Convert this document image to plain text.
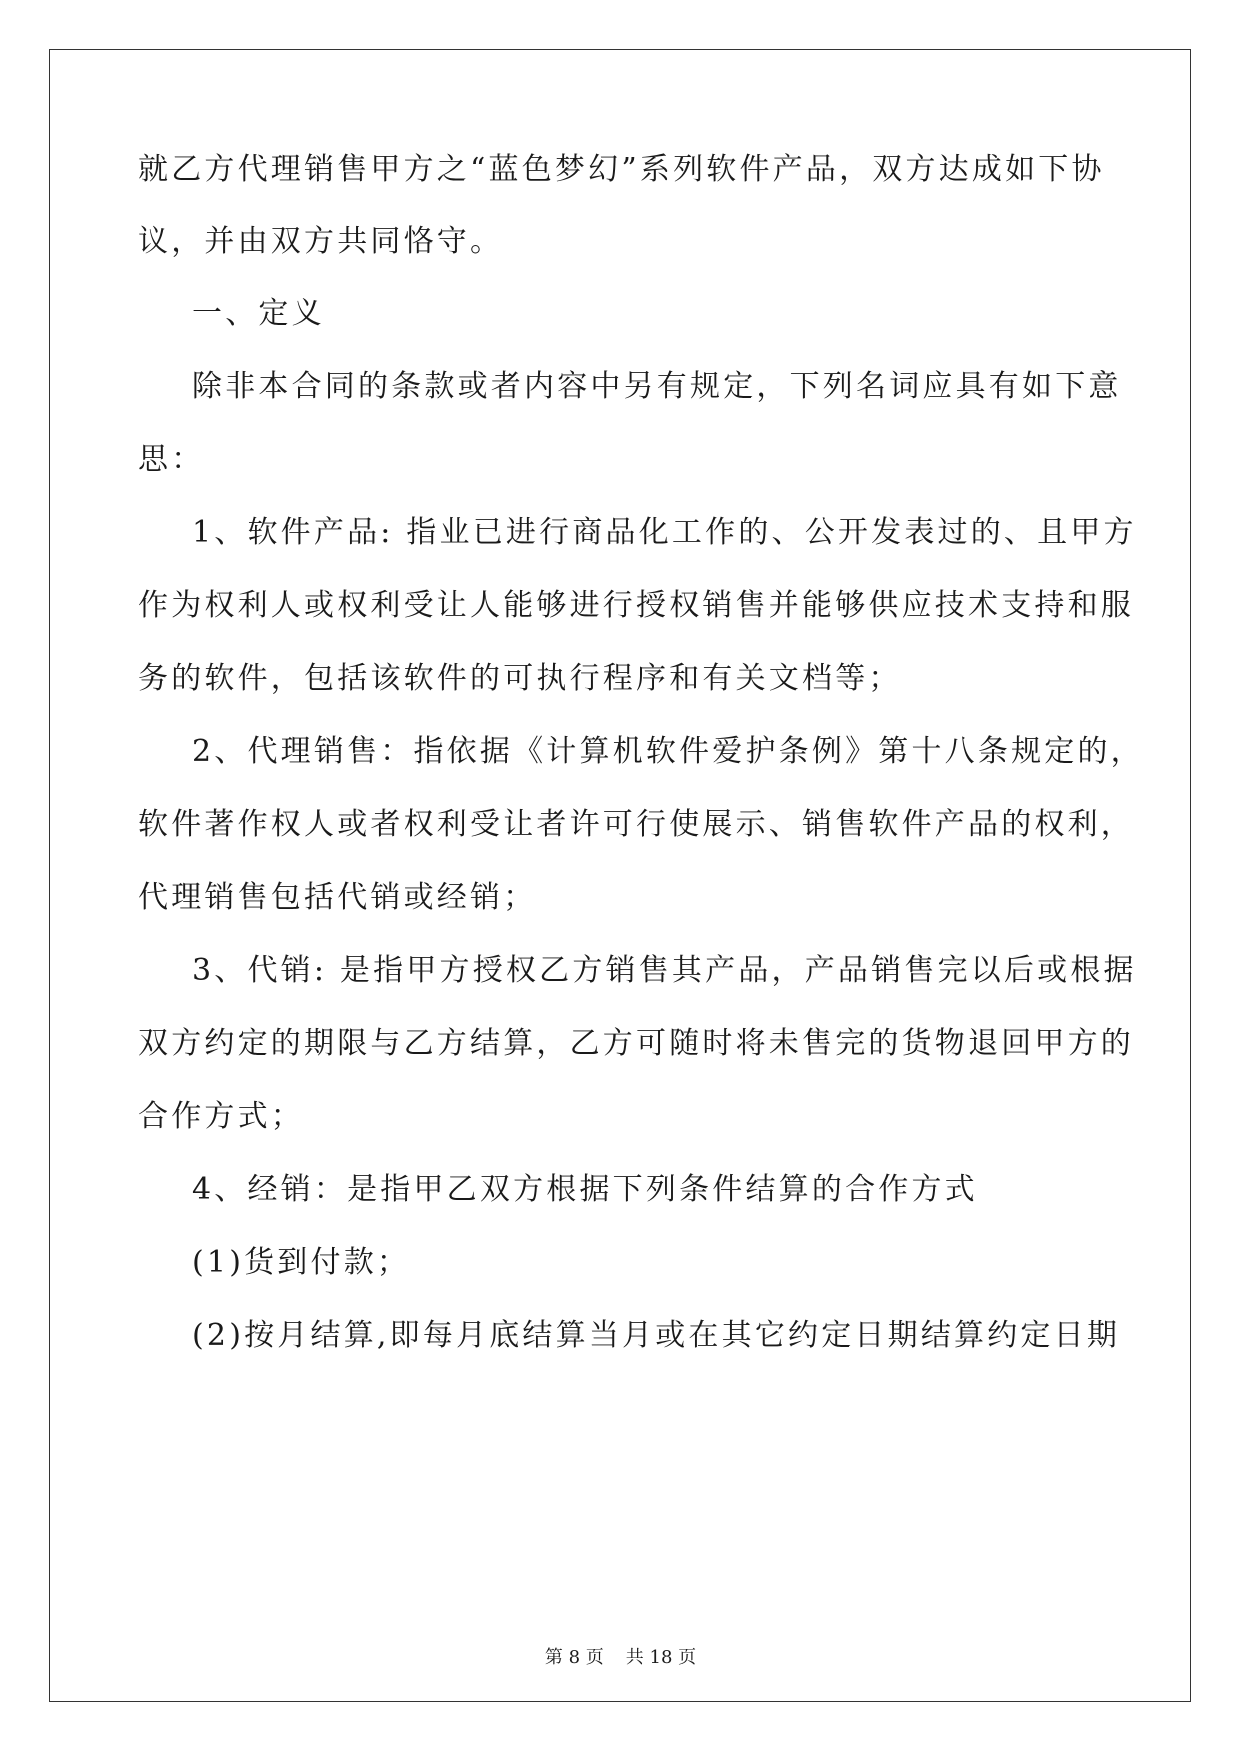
就乙方代理销售甲方之“蓝色梦幻”系列软件产品，双方达成如下协
议，并由双方共同恪守。
一、定义
除非本合同的条款或者内容中另有规定，下列名词应具有如下意
思：
1、软件产品: 指业已进行商品化工作的、公开发表过的、且甲方
作为权利人或权利受让人能够进行授权销售并能够供应技术支持和服
务的软件，包括该软件的可执行程序和有关文档等；
2、代理销售：指依据《计算机软件爱护条例》第十八条规定的，
软件著作权人或者权利受让者许可行使展示、销售软件产品的权利，
代理销售包括代销或经销；
3、代销: 是指甲方授权乙方销售其产品，产品销售完以后或根据
双方约定的期限与乙方结算，乙方可随时将未售完的货物退回甲方的
合作方式；
4、经销：是指甲乙双方根据下列条件结算的合作方式
(1)货到付款；
(2)按月结算,即每月底结算当月或在其它约定日期结算约定日期
第 8 页 共 18 页
